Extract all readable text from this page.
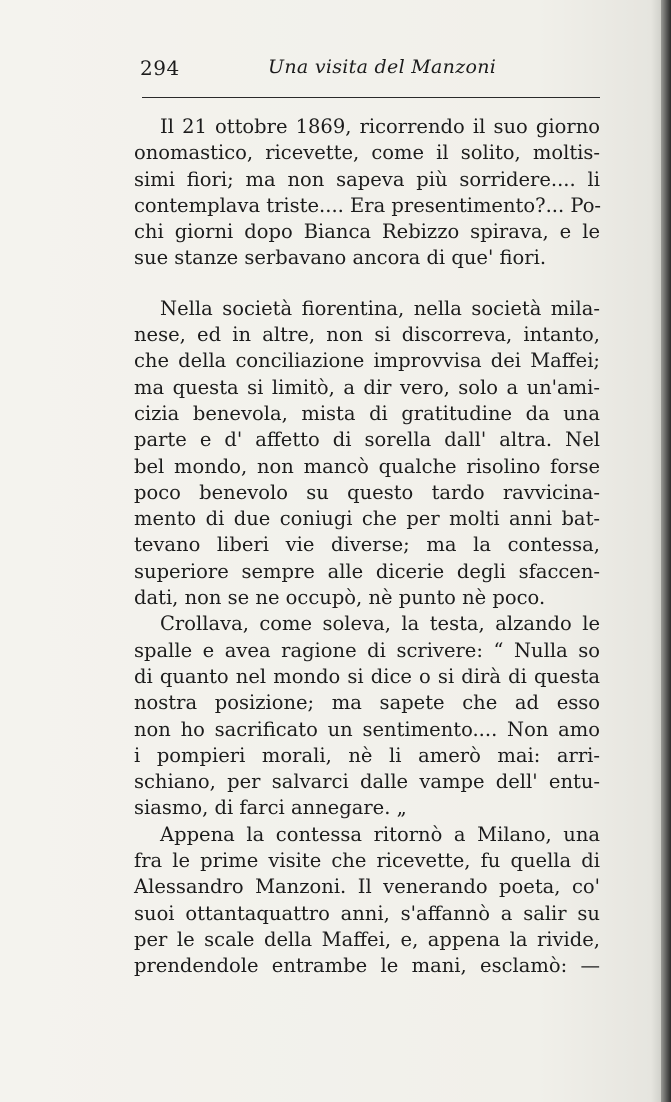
294	Una visita del Manzoni
Il 21 ottobre 1869, ricorrendo il suo giorno
onomastico, ricevette, come il solito, moltis-
simi fiori; ma non sapeva più sorridere.... li
contemplava triste.... Era presentimento?... Po-
chi giorni dopo Bianca Rebizzo spirava, e le
sue stanze serbavano ancora di que' fiori.
Nella società fiorentina, nella società mila-
nese, ed in altre, non si discorreva, intanto,
che della conciliazione improvvisa dei Maffei;
ma questa si limitò, a dir vero, solo a un'ami-
cizia benevola, mista di gratitudine da una
parte e d' affetto di sorella dall' altra. Nel
bel mondo, non mancò qualche risolino forse
poco benevolo su questo tardo ravvicina-
mento di due coniugi che per molti anni bat-
tevano liberi vie diverse; ma la contessa,
superiore sempre alle dicerie degli sfaccen-
dati, non se ne occupò, nè punto nè poco.
Crollava, come soleva, la testa, alzando le
spalle e avea ragione di scrivere: “ Nulla so
di quanto nel mondo si dice o si dirà di questa
nostra posizione; ma sapete che ad esso
non ho sacrificato un sentimento.... Non amo
i pompieri morali, nè li amerò mai: arri-
schiano, per salvarci dalle vampe dell' entu-
siasmo, di farci annegare. „
Appena la contessa ritornò a Milano, una
fra le prime visite che ricevette, fu quella di
Alessandro Manzoni. Il venerando poeta, co'
suoi ottantaquattro anni, s'affannò a salir su
per le scale della Maffei, e, appena la rivide,
prendendole entrambe le mani, esclamò: —
